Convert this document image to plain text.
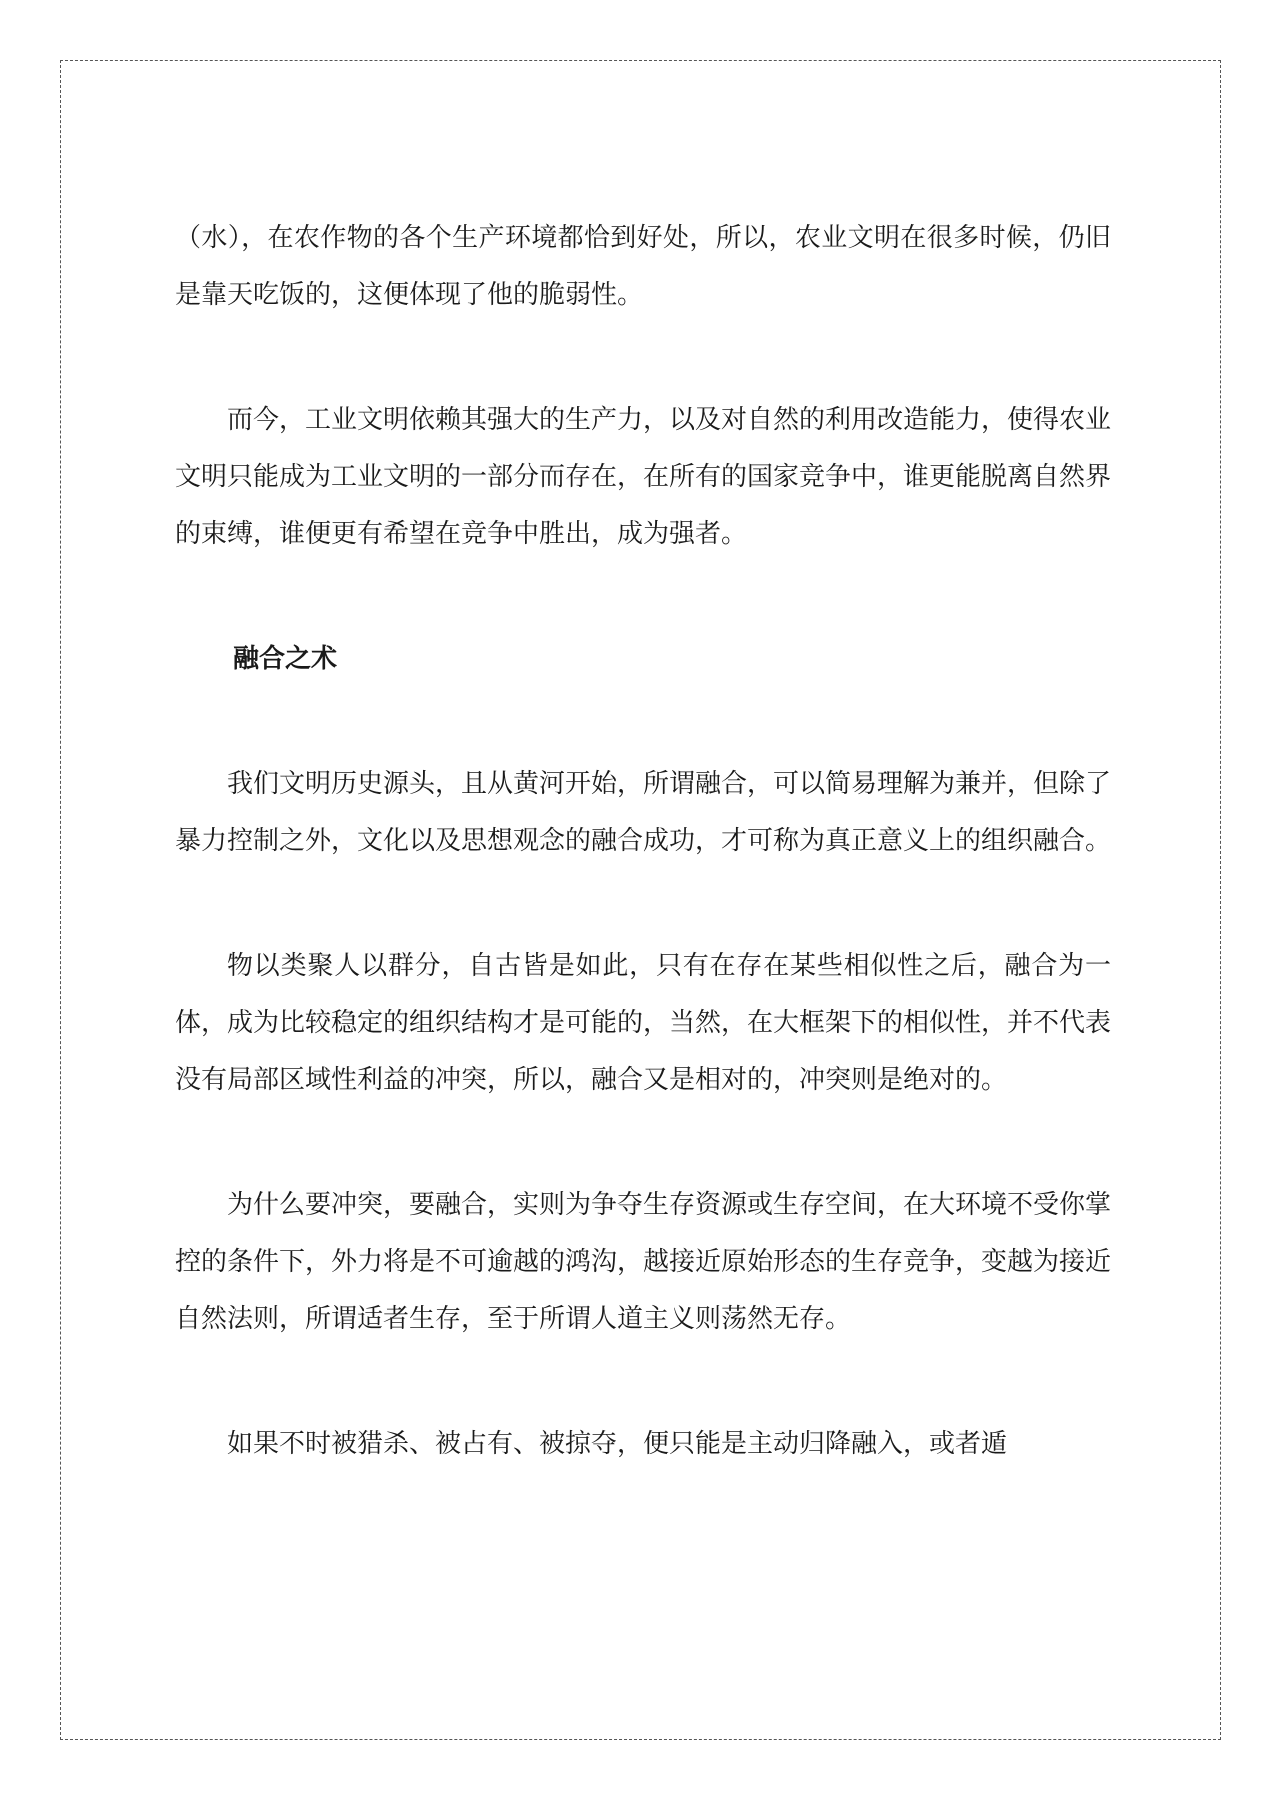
（水），在农作物的各个生产环境都恰到好处，所以，农业文明在很多时候，仍旧是靠天吃饭的，这便体现了他的脆弱性。

而今，工业文明依赖其强大的生产力，以及对自然的利用改造能力，使得农业文明只能成为工业文明的一部分而存在，在所有的国家竞争中，谁更能脱离自然界的束缚，谁便更有希望在竞争中胜出，成为强者。

融合之术

我们文明历史源头，且从黄河开始，所谓融合，可以简易理解为兼并，但除了暴力控制之外，文化以及思想观念的融合成功，才可称为真正意义上的组织融合。

物以类聚人以群分，自古皆是如此，只有在存在某些相似性之后，融合为一体，成为比较稳定的组织结构才是可能的，当然，在大框架下的相似性，并不代表没有局部区域性利益的冲突，所以，融合又是相对的，冲突则是绝对的。

为什么要冲突，要融合，实则为争夺生存资源或生存空间，在大环境不受你掌控的条件下，外力将是不可逾越的鸿沟，越接近原始形态的生存竞争，变越为接近自然法则，所谓适者生存，至于所谓人道主义则荡然无存。

如果不时被猎杀、被占有、被掠夺，便只能是主动归降融入，或者遁
